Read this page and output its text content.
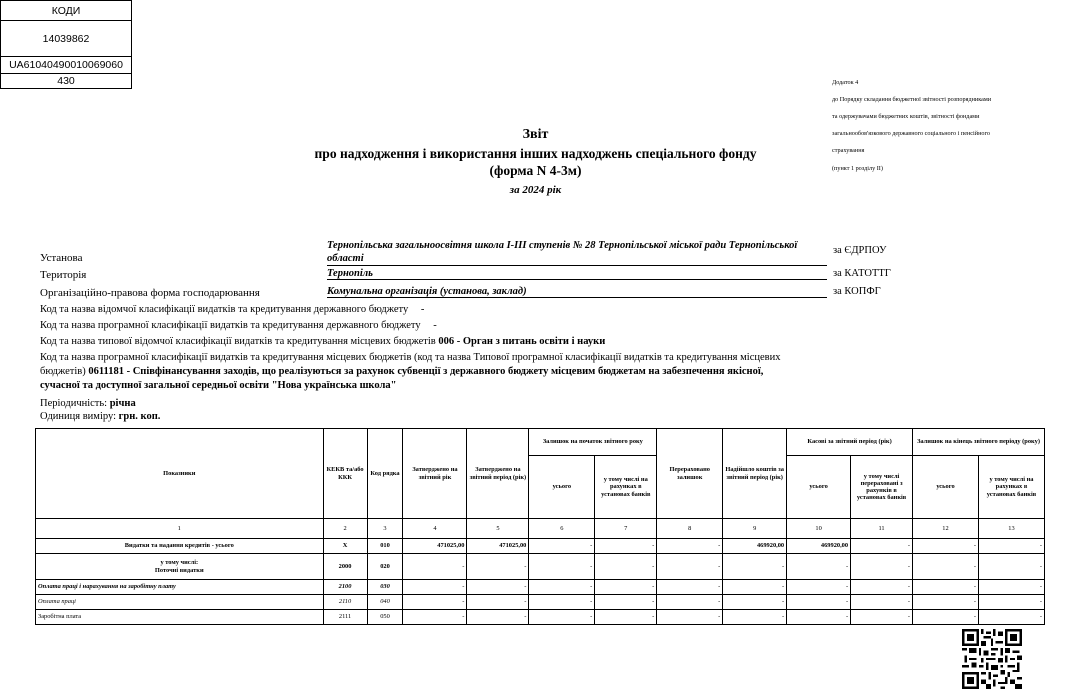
Додаток 4

до Порядку складання бюджетної звітності розпорядниками

та одержувачами бюджетних коштів, звітності фондами

загальнообов'язкового державного соціального і пенсійного

страхування

(пункт 1 розділу ІІ)

Звіт
про надходження і використання інших надходжень спеціального фонду
(форма N 4-3м)
за 2024 рік
КОДИ
14039862
UA61040490010069060
430
за ЄДРПОУ
за КАТОТТГ
за КОПФГ
Установа
Тернопільська загальноосвітня школа І-ІІІ ступенів № 28 Тернопільської міської ради Тернопільської області
Територія	Тернопіль
Організаційно-правова форма господарювання	Комунальна організація (установа, заклад)
Код та назва відомчої класифікації видатків та кредитування державного бюджету -
Код та назва програмної класифікації видатків та кредитування державного бюджету -
Код та назва типової відомчої класифікації видатків та кредитування місцевих бюджетів 006 - Орган з питань освіти і науки
Код та назва програмної класифікації видатків та кредитування місцевих бюджетів (код та назва Типової програмної класифікації видатків та кредитування місцевих бюджетів) 0611181 - Співфінансування заходів, що реалізуються за рахунок субвенції з державного бюджету місцевим бюджетам на забезпечення якісної, сучасної та доступної загальної середньої освіти "Нова українська школа"
Періодичність: річна
Одиниця виміру: грн. коп.
Показники	КЕКВ та/або ККК	Код рядка	Затверджено на звітний рік	Затверджено на звітний період (рік)	Залишок на початок звітного року		Перераховано залишок	Надійшло коштів за звітний період (рік)	Касові за звітний період (рік)		Залишок на кінець звітного періоду (року)	
					усього	у тому числі на рахунках в установах банків			усього	у тому числі перераховані з рахунків в установах банків	усього	у тому числі на рахунках в установах банків
1	2	3	4	5	6	7	8	9	10	11	12	13
Видатки та надання кредитів - усього	X	010	471025,00	471025,00	-	-	-	469920,00	469920,00	-	-	-
у тому числі:
Поточні видатки	2000	020	-	-	-	-	-	-	-	-	-	-
Оплата праці і нарахування на заробітну плату	2100	030	-	-	-	-	-	-	-	-	-	-
Оплата праці	2110	040	-	-	-	-	-	-	-	-	-	-
Заробітна плата	2111	050	-	-	-	-	-	-	-	-	-	-
